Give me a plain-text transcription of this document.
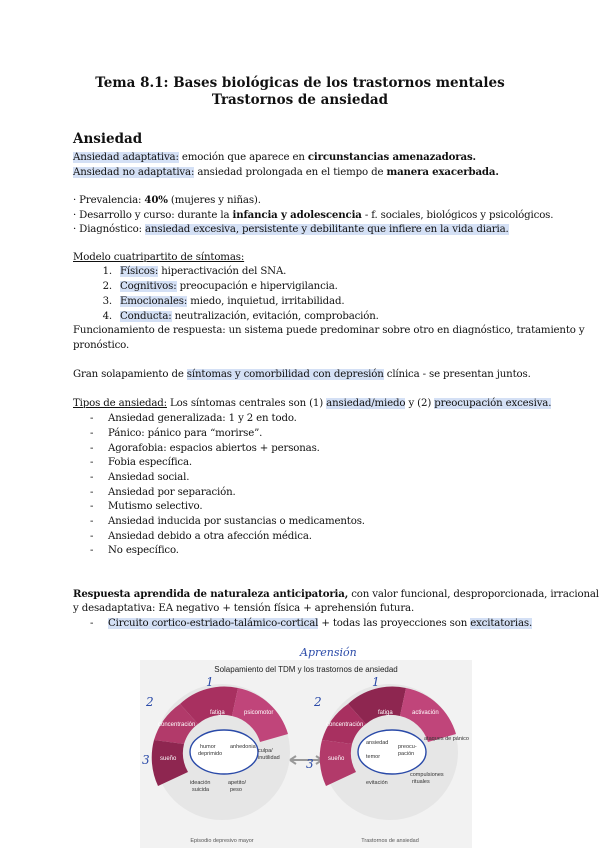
Tema 8.1: Bases biológicas de los trastornos mentales
Trastornos de ansiedad
Ansiedad
Ansiedad adaptativa: emoción que aparece en circunstancias amenazadoras.
Ansiedad no adaptativa: ansiedad prolongada en el tiempo de manera exacerbada.
· Prevalencia: 40% (mujeres y niñas).
· Desarrollo y curso: durante la infancia y adolescencia - f. sociales, biológicos y psicológicos.
· Diagnóstico: ansiedad excesiva, persistente y debilitante que infiere en la vida diaria.
Modelo cuatripartito de síntomas:
1. Físicos: hiperactivación del SNA.
2. Cognitivos: preocupación e hipervigilancia.
3. Emocionales: miedo, inquietud, irritabilidad.
4. Conducta: neutralización, evitación, comprobación.
Funcionamiento de respuesta: un sistema puede predominar sobre otro en diagnóstico, tratamiento y
pronóstico.
Gran solapamiento de síntomas y comorbilidad con depresión clínica - se presentan juntos.
Tipos de ansiedad: Los síntomas centrales son (1) ansiedad/miedo y (2) preocupación excesiva.
- Ansiedad generalizada: 1 y 2 en todo.
- Pánico: pánico para “morirse”.
- Agorafobia: espacios abiertos + personas.
- Fobia específica.
- Ansiedad social.
- Ansiedad por separación.
- Mutismo selectivo.
- Ansiedad inducida por sustancias o medicamentos.
- Ansiedad debido a otra afección médica.
- No específico.
Respuesta aprendida de naturaleza anticipatoria, con valor funcional, desproporcionada, irracional
y desadaptativa: EA negativo + tensión física + aprehensión futura.
- Circuito cortico-estriado-talámico-cortical + todas las proyecciones son excitatorias.
Aprensión
Solapamiento del TDM y los trastornos de ansiedad
fatiga
concentración
psicomotor
sueño
humor
deprimido
anhedonia
culpa/
inutilidad
apetito/
peso
ideación
suicida
fatiga
concentración
activación
sueño
ansiedad
preocu-
pación
temor
evitación
ataques de pánico
compulsiones
rituales
1
2
3
1
2
3
Episodio depresivo mayor	Trastornos de ansiedad
